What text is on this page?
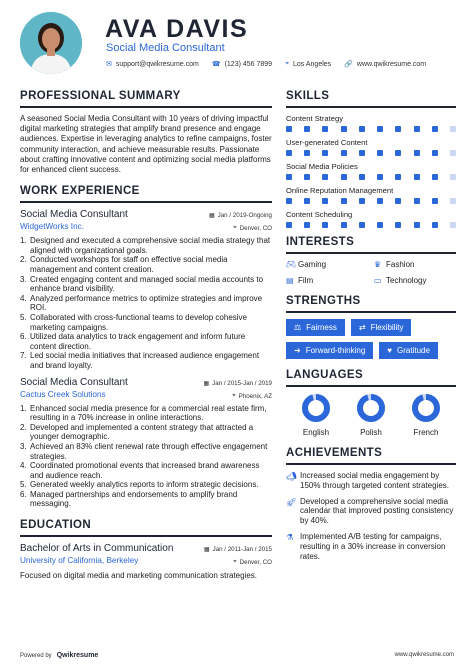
AVA DAVIS
Social Media Consultant
✉ support@qwikresume.com ☎ (123) 456 7899 ⌖ Los Angeles 🔗 www.qwikresume.com
PROFESSIONAL SUMMARY
A seasoned Social Media Consultant with 10 years of driving impactful digital marketing strategies that amplify brand presence and engage audiences. Expertise in leveraging analytics to refine campaigns, foster community interaction, and achieve measurable results. Passionate about crafting innovative content and optimizing social media platforms for enhanced client success.
WORK EXPERIENCE
Social Media Consultant	▦ Jan / 2019-Ongoing
WidgetWorks Inc.	⌖ Denver, CO
1. Designed and executed a comprehensive social media strategy that aligned with organizational goals.
2. Conducted workshops for staff on effective social media management and content creation.
3. Created engaging content and managed social media accounts to enhance brand visibility.
4. Analyzed performance metrics to optimize strategies and improve ROI.
5. Collaborated with cross-functional teams to develop cohesive marketing campaigns.
6. Utilized data analytics to track engagement and inform future content direction.
7. Led social media initiatives that increased audience engagement and brand loyalty.
Social Media Consultant	▦ Jan / 2015-Jan / 2019
Cactus Creek Solutions	⌖ Phoenix, AZ
1. Enhanced social media presence for a commercial real estate firm, resulting in a 70% increase in online interactions.
2. Developed and implemented a content strategy that attracted a younger demographic.
3. Achieved an 83% client renewal rate through effective engagement strategies.
4. Coordinated promotional events that increased brand awareness and audience reach.
5. Generated weekly analytics reports to inform strategic decisions.
6. Managed partnerships and endorsements to amplify brand messaging.
EDUCATION
Bachelor of Arts in Communication	▦ Jan / 2011-Jan / 2015
University of California, Berkeley	⌖ Denver, CO
Focused on digital media and marketing communication strategies.
SKILLS
Content Strategy
User-generated Content
Social Media Policies
Online Reputation Management
Content Scheduling
INTERESTS
🎮︎ Gaming	♛ Fashion
▤ Film	▭ Technology
STRENGTHS
⚖ Fairness	⇄ Flexibility
➜ Forward-thinking	♥ Gratitude
LANGUAGES
English	Polish	French
ACHIEVEMENTS
📣︎ Increased social media engagement by 150% through targeted content strategies.
🚀︎ Developed a comprehensive social media calendar that improved posting consistency by 40%.
⚗ Implemented A/B testing for campaigns, resulting in a 30% increase in conversion rates.
Powered by Qwikresume	www.qwikresume.com
